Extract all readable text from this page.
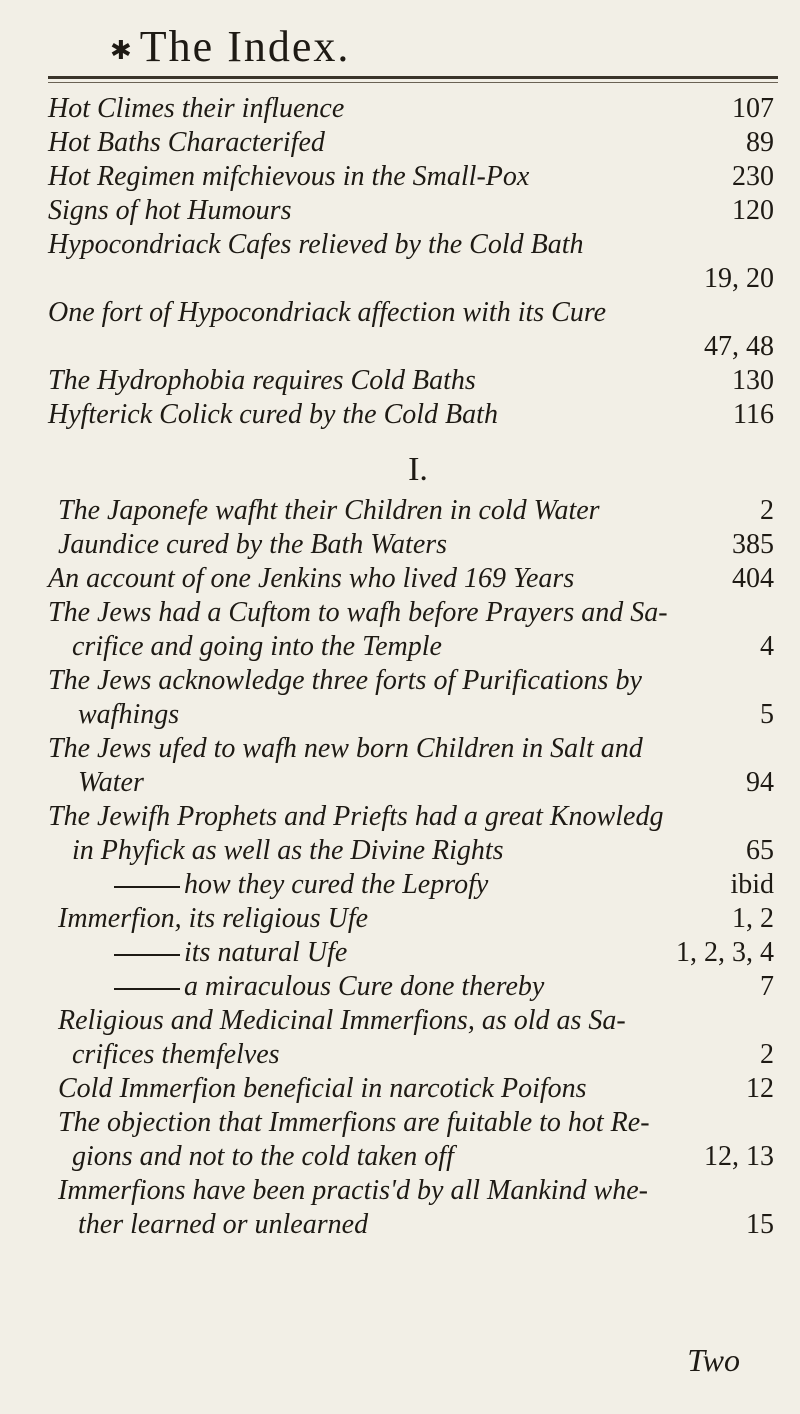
✱ The Index.
I.
Hot Climes their influence	107
Hot Baths Characterifed	89
Hot Regimen mifchievous in the Small-Pox	230
Signs of hot Humours	120
Hypocondriack Cafes relieved by the Cold Bath
19, 20
One fort of Hypocondriack affection with its Cure
47, 48
The Hydrophobia requires Cold Baths	130
Hyfterick Colick cured by the Cold Bath	116
The Japonefe wafht their Children in cold Water	2
Jaundice cured by the Bath Waters	385
An account of one Jenkins who lived 169 Years	404
The Jews had a Cuftom to wafh before Prayers and Sa-
crifice and going into the Temple	4
The Jews acknowledge three forts of Purifications by
wafhings	5
The Jews ufed to wafh new born Children in Salt and
Water	94
The Jewifh Prophets and Priefts had a great Knowledg
in Phyfick as well as the Divine Rights	65
how they cured the Leprofy	ibid
Immerfion, its religious Ufe	1, 2
its natural Ufe	1, 2, 3, 4
a miraculous Cure done thereby	7
Religious and Medicinal Immerfions, as old as Sa-
crifices themfelves	2
Cold Immerfion beneficial in narcotick Poifons	12
The objection that Immerfions are fuitable to hot Re-
gions and not to the cold taken off	12, 13
Immerfions have been practis'd by all Mankind whe-
ther learned or unlearned	15
Two
